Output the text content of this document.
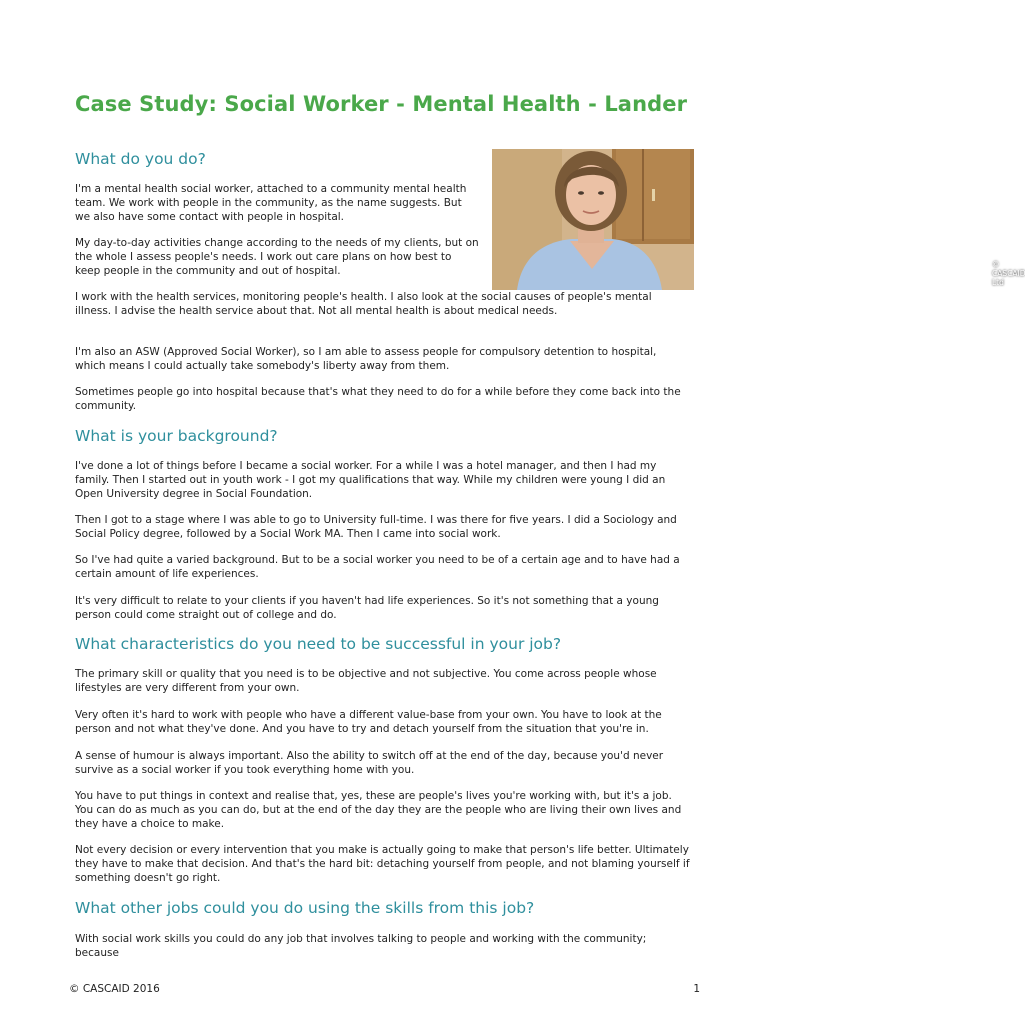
Case Study: Social Worker - Mental Health - Lander
© CASCAID Ltd
What do you do?

I'm a mental health social worker, attached to a community mental health team. We work with people in the community, as the name suggests. But we also have some contact with people in hospital.

My day-to-day activities change according to the needs of my clients, but on the whole I assess people's needs. I work out care plans on how best to keep people in the community and out of hospital.

I work with the health services, monitoring people's health. I also look at the social causes of people's mental illness. I advise the health service about that. Not all mental health is about medical needs.

I'm also an ASW (Approved Social Worker), so I am able to assess people for compulsory detention to hospital, which means I could actually take somebody's liberty away from them.

Sometimes people go into hospital because that's what they need to do for a while before they come back into the community.

What is your background?

I've done a lot of things before I became a social worker. For a while I was a hotel manager, and then I had my family. Then I started out in youth work - I got my qualifications that way. While my children were young I did an Open University degree in Social Foundation.

Then I got to a stage where I was able to go to University full-time. I was there for five years. I did a Sociology and Social Policy degree, followed by a Social Work MA. Then I came into social work.

So I've had quite a varied background. But to be a social worker you need to be of a certain age and to have had a certain amount of life experiences.

It's very difficult to relate to your clients if you haven't had life experiences. So it's not something that a young person could come straight out of college and do.

What characteristics do you need to be successful in your job?

The primary skill or quality that you need is to be objective and not subjective. You come across people whose lifestyles are very different from your own.

Very often it's hard to work with people who have a different value-base from your own. You have to look at the person and not what they've done. And you have to try and detach yourself from the situation that you're in.

A sense of humour is always important. Also the ability to switch off at the end of the day, because you'd never survive as a social worker if you took everything home with you.

You have to put things in context and realise that, yes, these are people's lives you're working with, but it's a job. You can do as much as you can do, but at the end of the day they are the people who are living their own lives and they have a choice to make.

Not every decision or every intervention that you make is actually going to make that person's life better. Ultimately they have to make that decision. And that's the hard bit: detaching yourself from people, and not blaming yourself if something doesn't go right.

What other jobs could you do using the skills from this job?

With social work skills you could do any job that involves talking to people and working with the community; because

© CASCAID 2016	1
